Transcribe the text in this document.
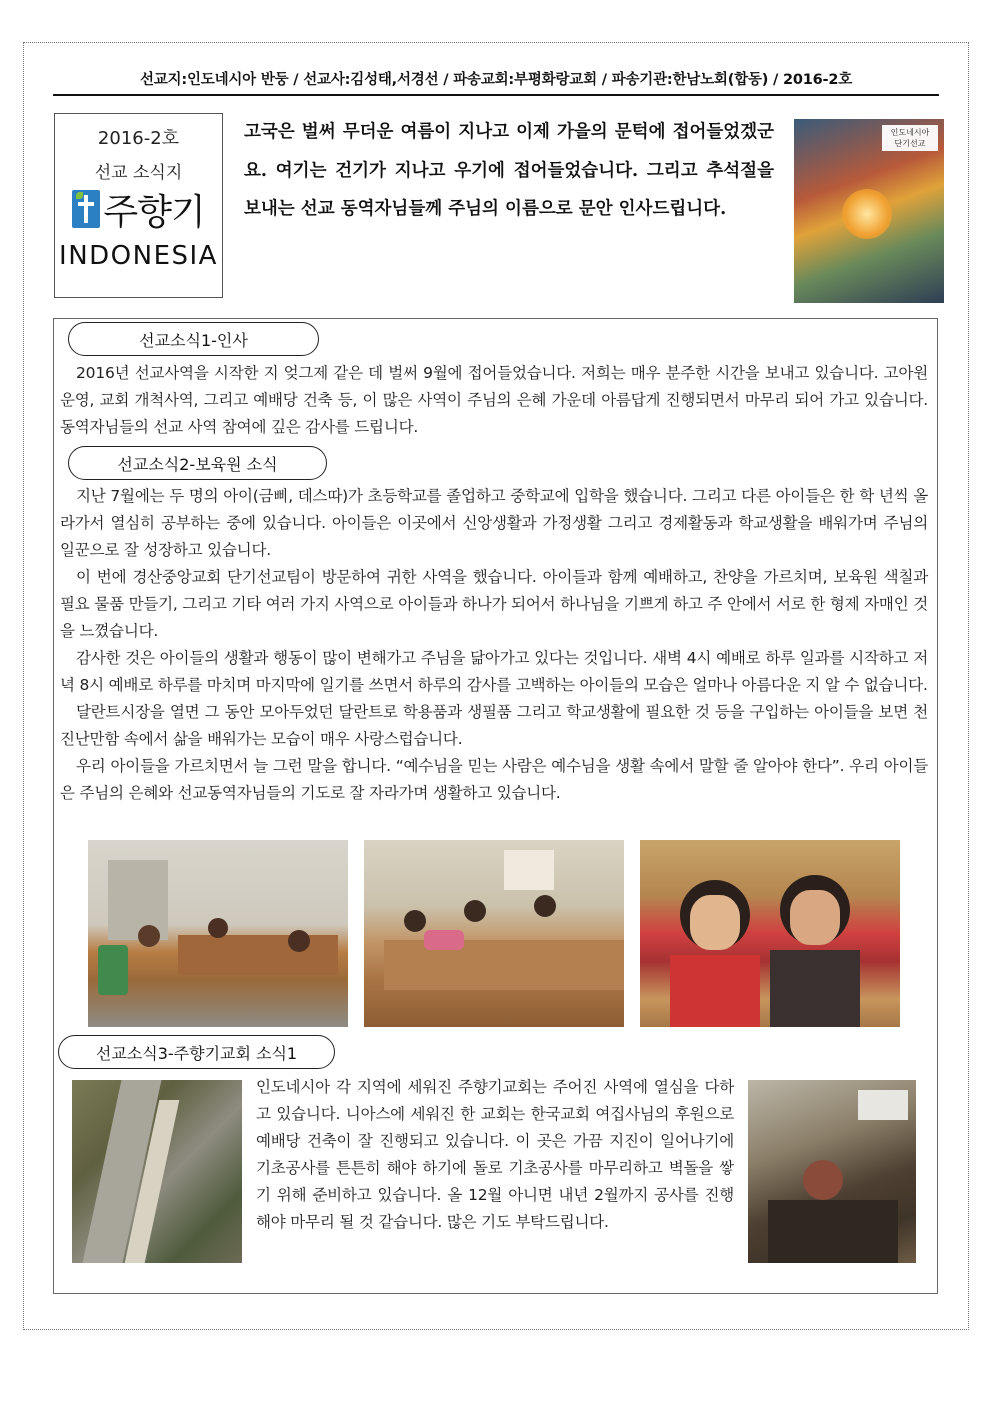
선교지:인도네시아 반둥 / 선교사:김성태,서경선 / 파송교회:부평화랑교회 / 파송기관:한남노회(합동) / 2016-2호
2016-2호
선교 소식지
주향기
INDONESIA
고국은 벌써 무더운 여름이 지나고 이제 가을의 문턱에 접어들었겠군요. 여기는 건기가 지나고 우기에 접어들었습니다. 그리고 추석절을 보내는 선교 동역자님들께 주님의 이름으로 문안 인사드립니다.
인도네시아
단기선교
선교소식1-인사
2016년 선교사역을 시작한 지 엊그제 같은 데 벌써 9월에 접어들었습니다. 저희는 매우 분주한 시간을 보내고 있습니다. 고아원 운영, 교회 개척사역, 그리고 예배당 건축 등, 이 많은 사역이 주님의 은혜 가운데 아름답게 진행되면서 마무리 되어 가고 있습니다. 동역자님들의 선교 사역 참여에 깊은 감사를 드립니다.
선교소식2-보육원 소식
지난 7월에는 두 명의 아이(금삐, 데스따)가 초등학교를 졸업하고 중학교에 입학을 했습니다. 그리고 다른 아이들은 한 학 년씩 올라가서 열심히 공부하는 중에 있습니다. 아이들은 이곳에서 신앙생활과 가정생활 그리고 경제활동과 학교생활을 배워가며 주님의 일꾼으로 잘 성장하고 있습니다.
이 번에 경산중앙교회 단기선교팀이 방문하여 귀한 사역을 했습니다. 아이들과 함께 예배하고, 찬양을 가르치며, 보육원 색칠과 필요 물품 만들기, 그리고 기타 여러 가지 사역으로 아이들과 하나가 되어서 하나님을 기쁘게 하고 주 안에서 서로 한 형제 자매인 것을 느꼈습니다.
감사한 것은 아이들의 생활과 행동이 많이 변해가고 주님을 닮아가고 있다는 것입니다. 새벽 4시 예배로 하루 일과를 시작하고 저녁 8시 예배로 하루를 마치며 마지막에 일기를 쓰면서 하루의 감사를 고백하는 아이들의 모습은 얼마나 아름다운 지 알 수 없습니다.
달란트시장을 열면 그 동안 모아두었던 달란트로 학용품과 생필품 그리고 학교생활에 필요한 것 등을 구입하는 아이들을 보면 천진난만함 속에서 삶을 배워가는 모습이 매우 사랑스럽습니다.
우리 아이들을 가르치면서 늘 그런 말을 합니다. “예수님을 믿는 사람은 예수님을 생활 속에서 말할 줄 알아야 한다”. 우리 아이들은 주님의 은혜와 선교동역자님들의 기도로 잘 자라가며 생활하고 있습니다.
선교소식3-주향기교회 소식1
인도네시아 각 지역에 세워진 주향기교회는 주어진 사역에 열심을 다하고 있습니다. 니아스에 세워진 한 교회는 한국교회 여집사님의 후원으로 예배당 건축이 잘 진행되고 있습니다. 이 곳은 가끔 지진이 일어나기에 기초공사를 튼튼히 해야 하기에 돌로 기초공사를 마무리하고 벽돌을 쌓기 위해 준비하고 있습니다. 올 12월 아니면 내년 2월까지 공사를 진행해야 마무리 될 것 같습니다. 많은 기도 부탁드립니다.
